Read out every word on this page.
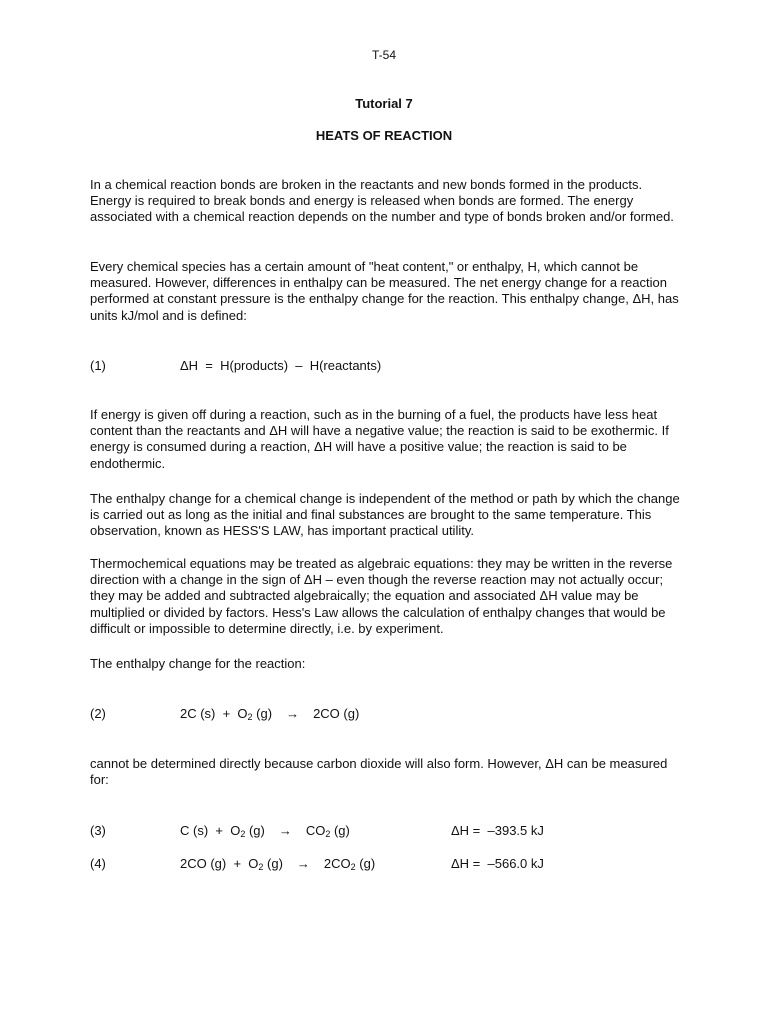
T-54
Tutorial 7
HEATS OF REACTION

In a chemical reaction bonds are broken in the reactants and new bonds formed in the products. Energy is required to break bonds and energy is released when bonds are formed. The energy associated with a chemical reaction depends on the number and type of bonds broken and/or formed.

Every chemical species has a certain amount of "heat content," or enthalpy, H, which cannot be measured. However, differences in enthalpy can be measured. The net energy change for a reaction performed at constant pressure is the enthalpy change for the reaction. This enthalpy change, ΔH, has units kJ/mol and is defined:

(1)	ΔH  =  H(products)  –  H(reactants)

If energy is given off during a reaction, such as in the burning of a fuel, the products have less heat content than the reactants and ΔH will have a negative value; the reaction is said to be exothermic. If energy is consumed during a reaction, ΔH will have a positive value; the reaction is said to be endothermic.

The enthalpy change for a chemical change is independent of the method or path by which the change is carried out as long as the initial and final substances are brought to the same temperature. This observation, known as HESS'S LAW, has important practical utility.

Thermochemical equations may be treated as algebraic equations: they may be written in the reverse direction with a change in the sign of ΔH – even though the reverse reaction may not actually occur; they may be added and subtracted algebraically; the equation and associated ΔH value may be multiplied or divided by factors. Hess's Law allows the calculation of enthalpy changes that would be difficult or impossible to determine directly, i.e. by experiment.

The enthalpy change for the reaction:

(2)	2C $(s) + O_2$ (g) → 2CO (g)

cannot be determined directly because carbon dioxide will also form. However, ΔH can be measured for:

(3)	C $(s) + O_2$ $(g) \to CO_2$ (g)	ΔH =  –393.5 kJ
(4)	2CO $(g) + O_2$ $(g) \to 2CO_2$ (g)	ΔH =  –566.0 kJ
